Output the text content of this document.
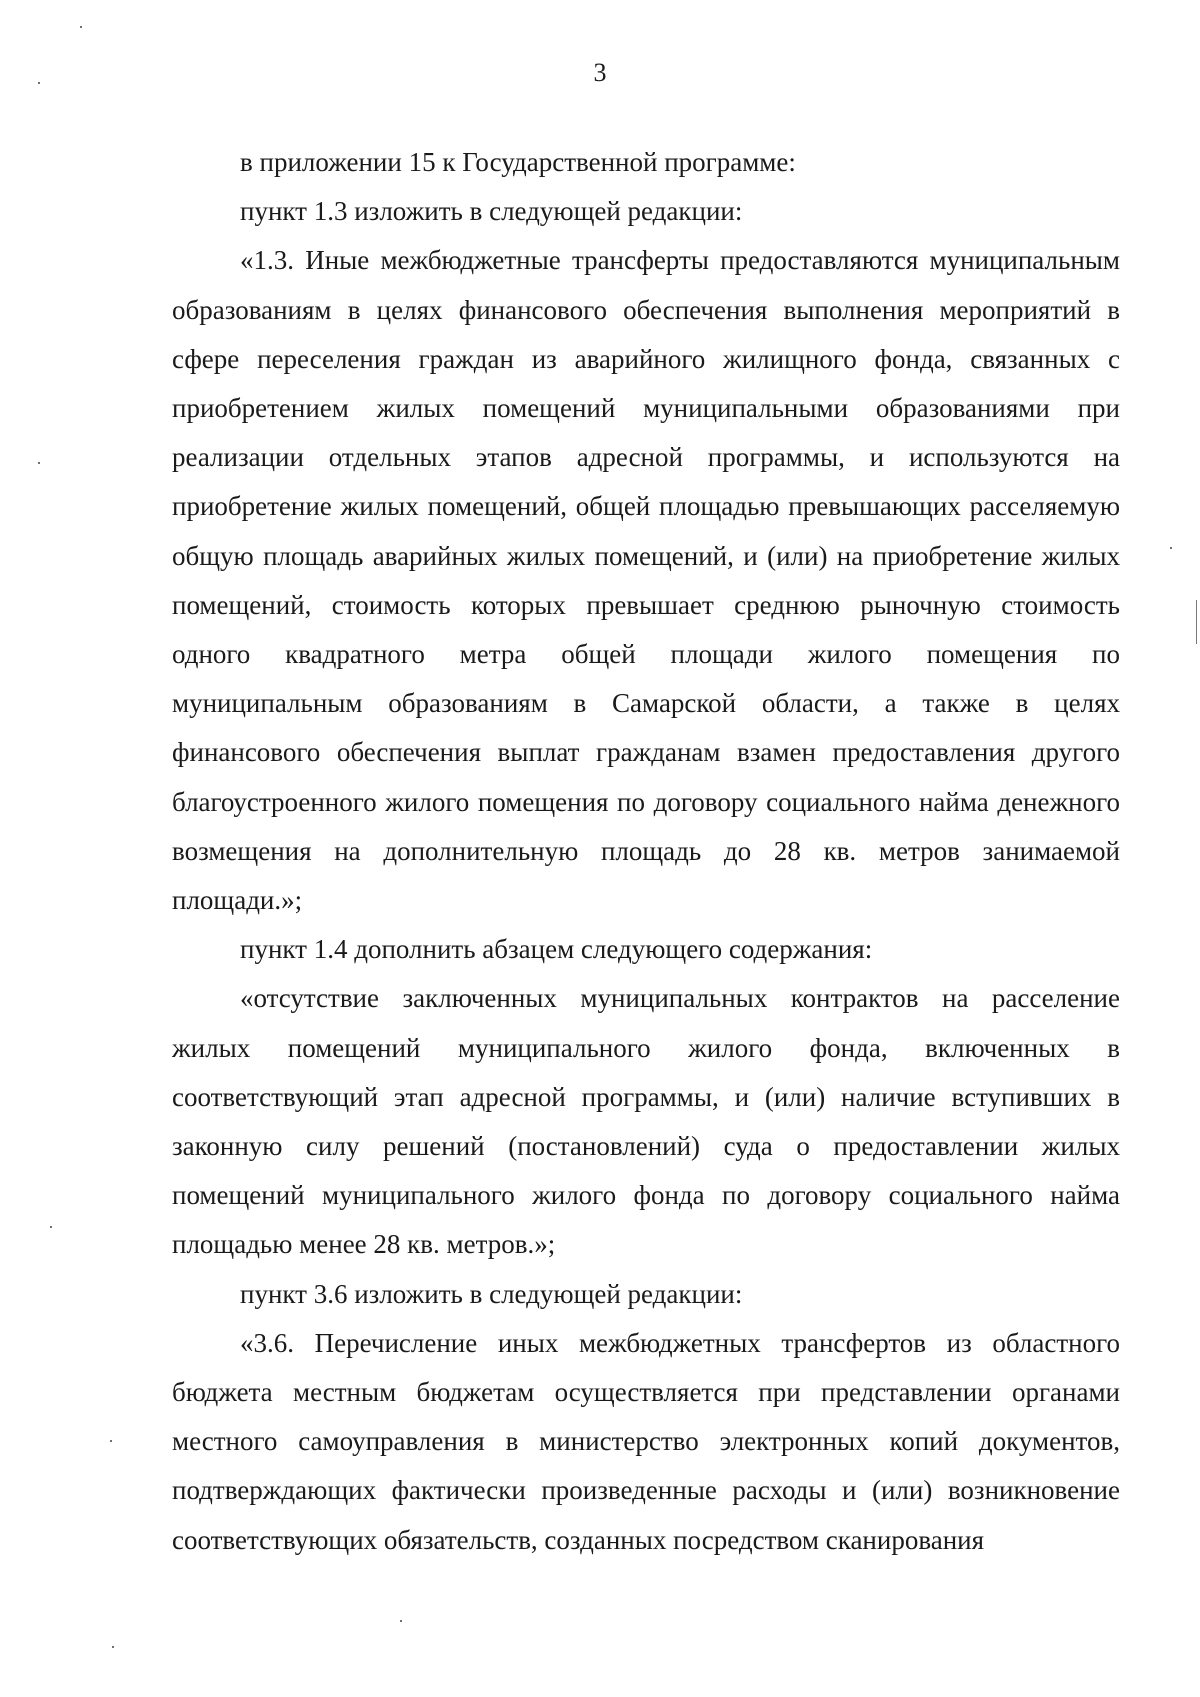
3

в приложении 15 к Государственной программе:

пункт 1.3 изложить в следующей редакции:

«1.3. Иные межбюджетные трансферты предоставляются муниципальным образованиям в целях финансового обеспечения выполнения мероприятий в сфере переселения граждан из аварийного жилищного фонда, связанных с приобретением жилых помещений муниципальными образованиями при реализации отдельных этапов адресной программы, и используются на приобретение жилых помещений, общей площадью превышающих расселяемую общую площадь аварийных жилых помещений, и (или) на приобретение жилых помещений, стоимость которых превышает среднюю рыночную стоимость одного квадратного метра общей площади жилого помещения по муниципальным образованиям в Самарской области, а также в целях финансового обеспечения выплат гражданам взамен предоставления другого благоустроенного жилого помещения по договору социального найма денежного возмещения на дополнительную площадь до 28 кв. метров занимаемой площади.»;

пункт 1.4 дополнить абзацем следующего содержания:

«отсутствие заключенных муниципальных контрактов на расселение жилых помещений муниципального жилого фонда, включенных в соответствующий этап адресной программы, и (или) наличие вступивших в законную силу решений (постановлений) суда о предоставлении жилых помещений муниципального жилого фонда по договору социального найма площадью менее 28 кв. метров.»;

пункт 3.6 изложить в следующей редакции:

«3.6. Перечисление иных межбюджетных трансфертов из областного бюджета местным бюджетам осуществляется при представлении органами местного самоуправления в министерство электронных копий документов, подтверждающих фактически произведенные расходы и (или) возникновение соответствующих обязательств, созданных посредством сканирования
